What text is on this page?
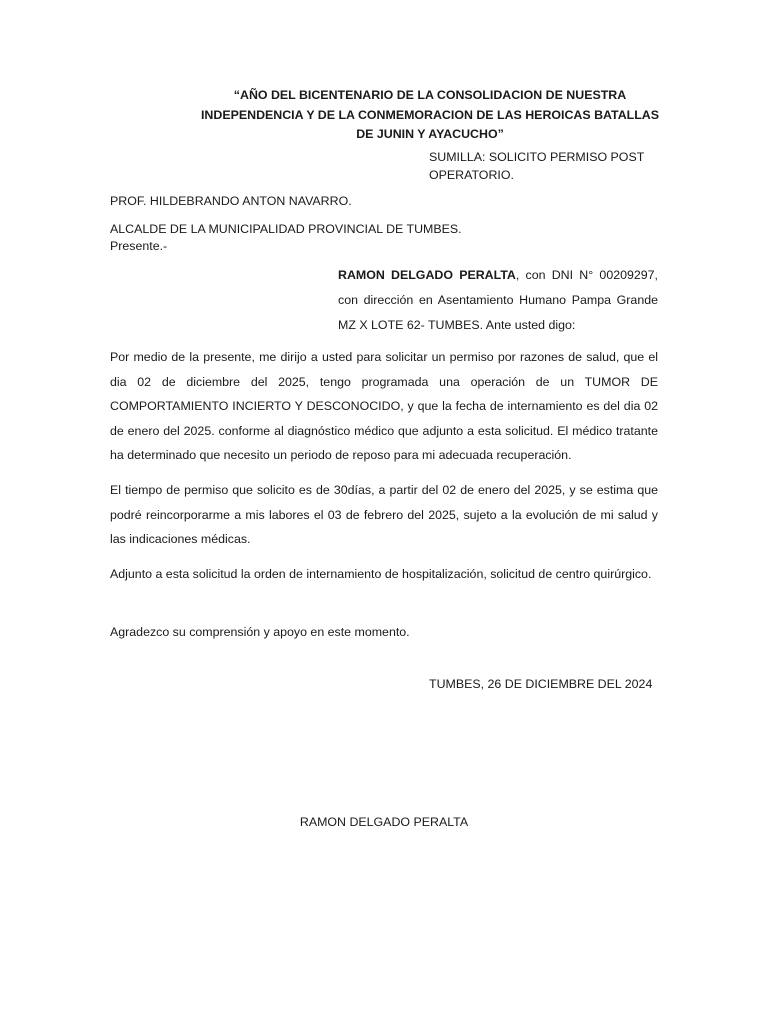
“AÑO DEL BICENTENARIO DE LA CONSOLIDACION DE NUESTRA INDEPENDENCIA Y DE LA CONMEMORACION DE LAS HEROICAS BATALLAS DE JUNIN Y AYACUCHO”
SUMILLA: SOLICITO PERMISO POST OPERATORIO.
PROF. HILDEBRANDO ANTON NAVARRO.
ALCALDE DE LA MUNICIPALIDAD PROVINCIAL DE TUMBES.
Presente.-
RAMON DELGADO PERALTA, con DNI N° 00209297, con dirección en Asentamiento Humano Pampa Grande MZ X LOTE 62- TUMBES. Ante usted digo:
Por medio de la presente, me dirijo a usted para solicitar un permiso por razones de salud, que el dia 02 de diciembre del 2025, tengo programada una operación de un TUMOR DE COMPORTAMIENTO INCIERTO Y DESCONOCIDO, y que la fecha de internamiento es del dia 02 de enero del 2025. conforme al diagnóstico médico que adjunto a esta solicitud. El médico tratante ha determinado que necesito un periodo de reposo para mi adecuada recuperación.
El tiempo de permiso que solicito es de 30días, a partir del 02 de enero del 2025, y se estima que podré reincorporarme a mis labores el 03 de febrero del 2025, sujeto a la evolución de mi salud y las indicaciones médicas.
Adjunto a esta solicitud la orden de internamiento de hospitalización, solicitud de centro quirúrgico.
Agradezco su comprensión y apoyo en este momento.
TUMBES, 26 DE DICIEMBRE DEL 2024
RAMON DELGADO PERALTA
